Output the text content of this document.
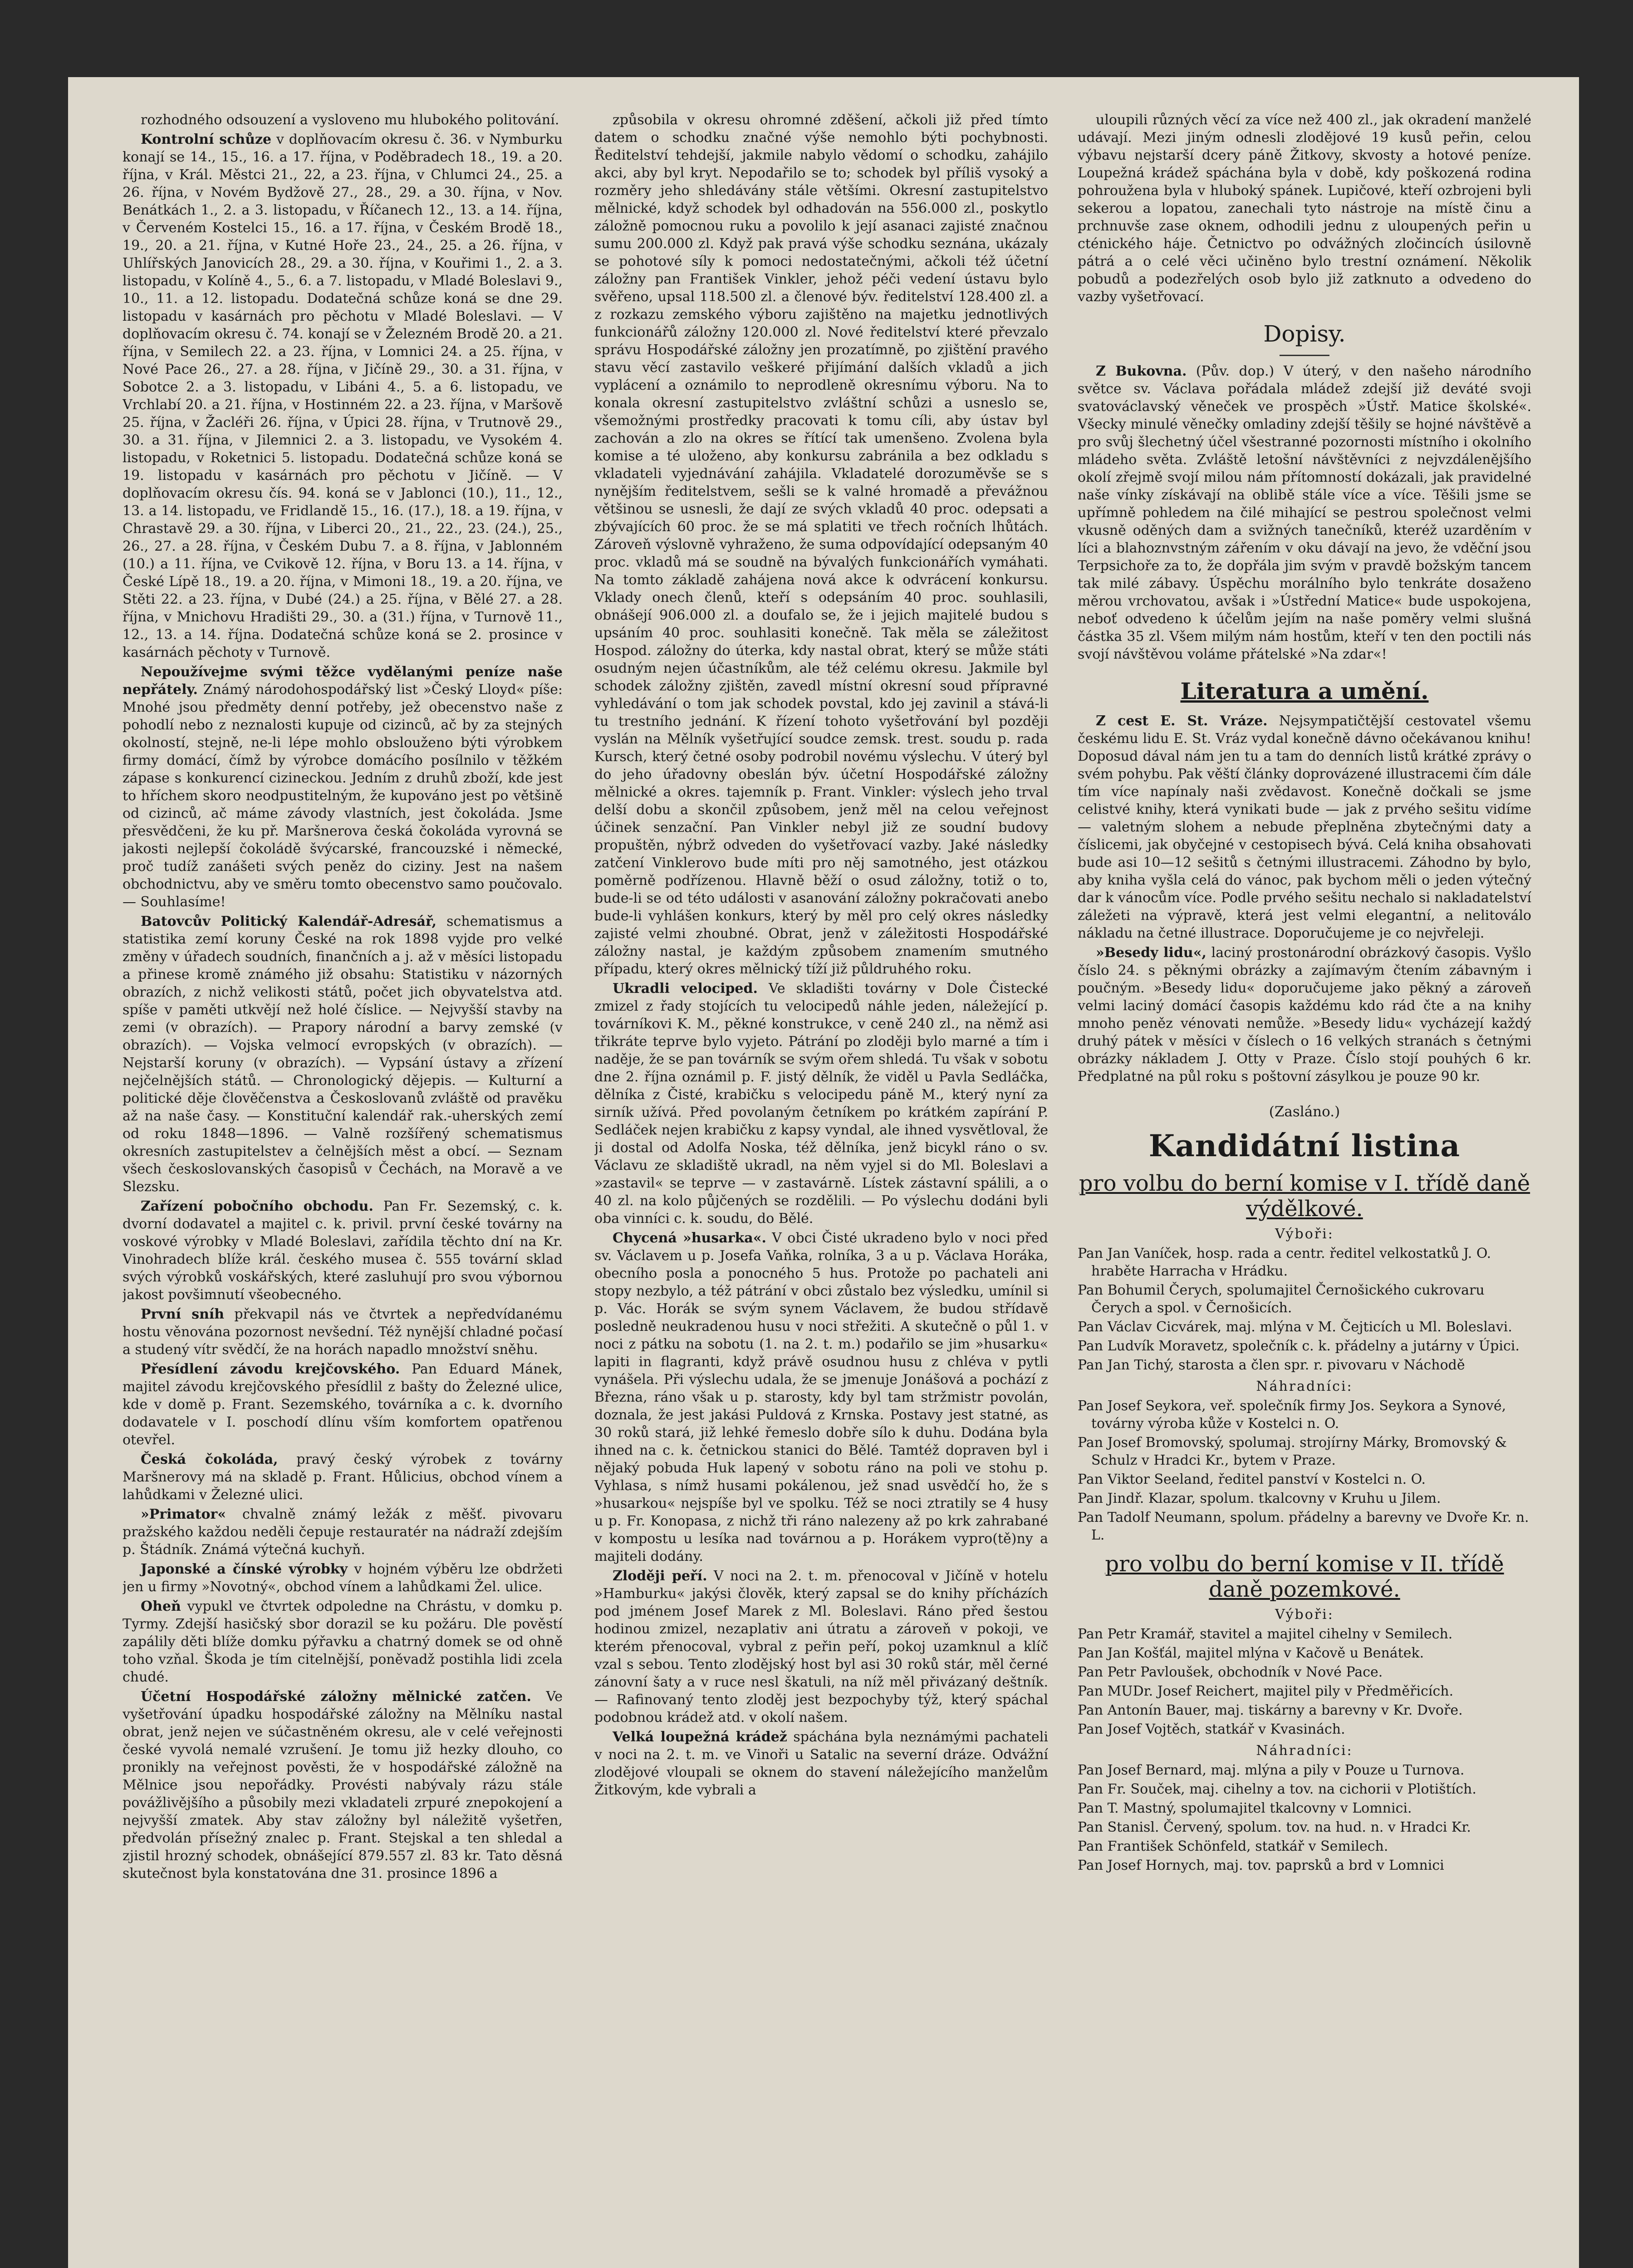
rozhodného odsouzení a vysloveno mu hlubokého politování.

Kontrolní schůze v doplňovacím okresu č. 36. v Nymburku konají se 14., 15., 16. a 17. října, v Poděbradech 18., 19. a 20. října, v Král. Městci 21., 22, a 23. října, v Chlumci 24., 25. a 26. října, v Novém Bydžově 27., 28., 29. a 30. října, v Nov. Benátkách 1., 2. a 3. listopadu, v Říčanech 12., 13. a 14. října, v Červeném Kostelci 15., 16. a 17. října, v Českém Brodě 18., 19., 20. a 21. října, v Kutné Hoře 23., 24., 25. a 26. října, v Uhlířských Janovicích 28., 29. a 30. října, v Kouřimi 1., 2. a 3. listopadu, v Kolíně 4., 5., 6. a 7. listopadu, v Mladé Boleslavi 9., 10., 11. a 12. listopadu. Dodatečná schůze koná se dne 29. listopadu v kasárnách pro pěchotu v Mladé Boleslavi. — V doplňovacím okresu č. 74. konají se v Železném Brodě 20. a 21. října, v Semilech 22. a 23. října, v Lomnici 24. a 25. října, v Nové Pace 26., 27. a 28. října, v Jičíně 29., 30. a 31. října, v Sobotce 2. a 3. listopadu, v Libáni 4., 5. a 6. listopadu, ve Vrchlabí 20. a 21. října, v Hostinném 22. a 23. října, v Maršově 25. října, v Žacléři 26. října, v Úpici 28. října, v Trutnově 29., 30. a 31. října, v Jilemnici 2. a 3. listopadu, ve Vysokém 4. listopadu, v Roketnici 5. listopadu. Dodatečná schůze koná se 19. listopadu v kasárnách pro pěchotu v Jičíně. — V doplňovacím okresu čís. 94. koná se v Jablonci (10.), 11., 12., 13. a 14. listopadu, ve Fridlandě 15., 16. (17.), 18. a 19. října, v Chrastavě 29. a 30. října, v Liberci 20., 21., 22., 23. (24.), 25., 26., 27. a 28. října, v Českém Dubu 7. a 8. října, v Jablonném (10.) a 11. října, ve Cvikově 12. října, v Boru 13. a 14. října, v České Lípě 18., 19. a 20. října, v Mimoni 18., 19. a 20. října, ve Stěti 22. a 23. října, v Dubé (24.) a 25. října, v Bělé 27. a 28. října, v Mnichovu Hradišti 29., 30. a (31.) října, v Turnově 11., 12., 13. a 14. října. Dodatečná schůze koná se 2. prosince v kasárnách pěchoty v Turnově.

Nepoužívejme svými těžce vydělanými peníze naše nepřátely. Známý národohospodářský list »Český Lloyd« píše: Mnohé jsou předměty denní potřeby, jež obecenstvo naše z pohodlí nebo z neznalosti kupuje od cizinců, ač by za stejných okolností, stejně, ne-li lépe mohlo obslouženo býti výrobkem firmy domácí, čímž by výrobce domácího posílnilo v těžkém zápase s konkurencí cizineckou. Jedním z druhů zboží, kde jest to hříchem skoro neodpustitelným, že kupováno jest po většině od cizinců, ač máme závody vlastních, jest čokoláda. Jsme přesvědčeni, že ku př. Maršnerova česká čokoláda vyrovná se jakosti nejlepší čokoládě švýcarské, francouzské i německé, proč tudíž zanášeti svých peněz do ciziny. Jest na našem obchodnictvu, aby ve směru tomto obecenstvo samo poučovalo. — Souhlasíme!

Batovcův Politický Kalendář-Adresář, schematismus a statistika zemí koruny České na rok 1898 vyjde pro velké změny v úřadech soudních, finančních a j. až v měsíci listopadu a přinese kromě známého již obsahu: Statistiku v názorných obrazích, z nichž velikosti států, počet jich obyvatelstva atd. spíše v paměti utkvějí než holé číslice. — Nejvyšší stavby na zemi (v obrazích). — Prapory národní a barvy zemské (v obrazích). — Vojska velmocí evropských (v obrazích). — Nejstarší koruny (v obrazích). — Vypsání ústavy a zřízení nejčelnějších států. — Chronologický dějepis. — Kulturní a politické děje člověčenstva a Českoslovanů zvláště od pravěku až na naše časy. — Konstituční kalendář rak.-uherských zemí od roku 1848—1896. — Valně rozšířený schematismus okresních zastupitelstev a čelnějších měst a obcí. — Seznam všech českoslovanských časopisů v Čechách, na Moravě a ve Slezsku.

Zařízení pobočního obchodu. Pan Fr. Sezemský, c. k. dvorní dodavatel a majitel c. k. privil. první české továrny na voskové výrobky v Mladé Boleslavi, zařídila těchto dní na Kr. Vinohradech blíže král. českého musea č. 555 tovární sklad svých výrobků voskářských, které zasluhují pro svou výbornou jakost povšimnutí všeobecného.

První sníh překvapil nás ve čtvrtek a nepředvídanému hostu věnována pozornost nevšední. Též nynější chladné počasí a studený vítr svědčí, že na horách napadlo množství sněhu.

Přesídlení závodu krejčovského. Pan Eduard Mánek, majitel závodu krejčovského přesídlil z bašty do Železné ulice, kde v domě p. Frant. Sezemského, továrníka a c. k. dvorního dodavatele v I. poschodí dlínu vším komfortem opatřenou otevřel.

Česká čokoláda, pravý český výrobek z továrny Maršnerovy má na skladě p. Frant. Hůlicius, obchod vínem a lahůdkami v Železné ulici.

»Primator« chvalně známý ležák z měšť. pivovaru pražského každou neděli čepuje restauratér na nádraží zdejším p. Štádník. Známá výtečná kuchyň.

Japonské a čínské výrobky v hojném výběru lze obdržeti jen u firmy »Novotný«, obchod vínem a lahůdkami Žel. ulice.

Oheň vypukl ve čtvrtek odpoledne na Chrástu, v domku p. Tyrmy. Zdejší hasičský sbor dorazil se ku požáru. Dle pověstí zapálily děti blíže domku pýřavku a chatrný domek se od ohně toho vzňal. Škoda je tím citelnější, poněvadž postihla lidi zcela chudé.

Účetní Hospodářské záložny mělnické zatčen. Ve vyšetřování úpadku hospodářské záložny na Mělníku nastal obrat, jenž nejen ve súčastněném okresu, ale v celé veřejnosti české vyvolá nemalé vzrušení. Je tomu již hezky dlouho, co pronikly na veřejnost pověsti, že v hospodářské záložně na Mělnice jsou nepořádky. Provésti nabývaly rázu stále povážlivějšího a působily mezi vkladateli zrpuré znepokojení a nejvyšší zmatek. Aby stav záložny byl náležitě vyšetřen, předvolán přísežný znalec p. Frant. Stejskal a ten shledal a zjistil hrozný schodek, obnášející 879.557 zl. 83 kr. Tato děsná skutečnost byla konstatována dne 31. prosince 1896 a

způsobila v okresu ohromné zděšení, ačkoli již před tímto datem o schodku značné výše nemohlo býti pochybnosti. Ředitelství tehdejší, jakmile nabylo vědomí o schodku, zahájilo akci, aby byl kryt. Nepodařilo se to; schodek byl příliš vysoký a rozměry jeho shledávány stále většími. Okresní zastupitelstvo mělnické, když schodek byl odhadován na 556.000 zl., poskytlo záložně pomocnou ruku a povolilo k její asanaci zajisté značnou sumu 200.000 zl. Když pak pravá výše schodku seznána, ukázaly se pohotové síly k pomoci nedostatečnými, ačkoli též účetní záložny pan František Vinkler, jehož péči vedení ústavu bylo svěřeno, upsal 118.500 zl. a členové býv. ředitelství 128.400 zl. a z rozkazu zemského výboru zajištěno na majetku jednotlivých funkcionářů záložny 120.000 zl. Nové ředitelství které převzalo správu Hospodářské záložny jen prozatímně, po zjištění pravého stavu věcí zastavilo veškeré přijímání dalších vkladů a jich vyplácení a oznámilo to neprodleně okresnímu výboru. Na to konala okresní zastupitelstvo zvláštní schůzi a usneslo se, všemožnými prostředky pracovati k tomu cíli, aby ústav byl zachován a zlo na okres se řítící tak umenšeno. Zvolena byla komise a té uloženo, aby konkursu zabránila a bez odkladu s vkladateli vyjednávání zahájila. Vkladatelé dorozuměvše se s nynějším ředitelstvem, sešli se k valné hromadě a převážnou většinou se usnesli, že dají ze svých vkladů 40 proc. odepsati a zbývajících 60 proc. že se má splatiti ve třech ročních lhůtách. Zároveň výslovně vyhraženo, že suma odpovídající odepsaným 40 proc. vkladů má se soudně na bývalých funkcionářích vymáhati. Na tomto základě zahájena nová akce k odvrácení konkursu. Vklady onech členů, kteří s odepsáním 40 proc. souhlasili, obnášejí 906.000 zl. a doufalo se, že i jejich majitelé budou s upsáním 40 proc. souhlasiti konečně. Tak měla se záležitost Hospod. záložny do úterka, kdy nastal obrat, který se může státi osudným nejen účastníkům, ale též celému okresu. Jakmile byl schodek záložny zjištěn, zavedl místní okresní soud přípravné vyhledávání o tom jak schodek povstal, kdo jej zavinil a stává-li tu trestního jednání. K řízení tohoto vyšetřování byl později vyslán na Mělník vyšetřující soudce zemsk. trest. soudu p. rada Kursch, který četné osoby podrobil novému výslechu. V úterý byl do jeho úřadovny obeslán býv. účetní Hospodářské záložny mělnické a okres. tajemník p. Frant. Vinkler: výslech jeho trval delší dobu a skončil způsobem, jenž měl na celou veřejnost účinek senzační. Pan Vinkler nebyl již ze soudní budovy propuštěn, nýbrž odveden do vyšetřovací vazby. Jaké následky zatčení Vinklerovo bude míti pro něj samotného, jest otázkou poměrně podřízenou. Hlavně běží o osud záložny, totiž o to, bude-li se od této události v asanování záložny pokračovati anebo bude-li vyhlášen konkurs, který by měl pro celý okres následky zajisté velmi zhoubné. Obrat, jenž v záležitosti Hospodářské záložny nastal, je každým způsobem znamením smutného případu, který okres mělnický tíží již půldruhého roku.

Ukradli velociped. Ve skladišti továrny v Dole Čistecké zmizel z řady stojících tu velocipedů náhle jeden, náležející p. továrníkovi K. M., pěkné konstrukce, v ceně 240 zl., na němž asi třikráte teprve bylo vyjeto. Pátrání po zloději bylo marné a tím i naděje, že se pan továrník se svým ořem shledá. Tu však v sobotu dne 2. října oznámil p. F. jistý dělník, že viděl u Pavla Sedláčka, dělníka z Čisté, krabičku s velocipedu páně M., který nyní za sirník užívá. Před povolaným četníkem po krátkém zapírání P. Sedláček nejen krabičku z kapsy vyndal, ale ihned vysvětloval, že ji dostal od Adolfa Noska, též dělníka, jenž bicykl ráno o sv. Václavu ze skladiště ukradl, na něm vyjel si do Ml. Boleslavi a »zastavil« se teprve — v zastavárně. Lístek zástavní spálili, a o 40 zl. na kolo půjčených se rozdělili. — Po výslechu dodáni byli oba vinníci c. k. soudu, do Bělé.

Chycená »husarka«. V obci Čisté ukradeno bylo v noci před sv. Václavem u p. Josefa Vaňka, rolníka, 3 a u p. Václava Horáka, obecního posla a ponocného 5 hus. Protože po pachateli ani stopy nezbylo, a též pátrání v obci zůstalo bez výsledku, umínil si p. Vác. Horák se svým synem Václavem, že budou střídavě posledně neukradenou husu v noci střežiti. A skutečně o půl 1. v noci z pátku na sobotu (1. na 2. t. m.) podařilo se jim »husarku« lapiti in flagranti, když právě osudnou husu z chléva v pytli vynášela. Při výslechu udala, že se jmenuje Jonášová a pochází z Března, ráno však u p. starosty, kdy byl tam stržmistr povolán, doznala, že jest jakási Puldová z Krnska. Postavy jest statné, as 30 roků stará, již lehké řemeslo dobře sílo k duhu. Dodána byla ihned na c. k. četnickou stanici do Bělé. Tamtéž dopraven byl i nějaký pobuda Huk lapený v sobotu ráno na poli ve stohu p. Vyhlasa, s nímž husami pokálenou, jež snad usvědčí ho, že s »husarkou« nejspíše byl ve spolku. Též se noci ztratily se 4 husy u p. Fr. Konopasa, z nichž tři ráno nalezeny až po krk zahrabané v kompostu u lesíka nad továrnou a p. Horákem vypro(tě)ny a majiteli dodány.

Zloději peří. V noci na 2. t. m. přenocoval v Jičíně v hotelu »Hamburku« jakýsi člověk, který zapsal se do knihy přícházích pod jménem Josef Marek z Ml. Boleslavi. Ráno před šestou hodinou zmizel, nezaplativ ani útratu a zároveň v pokoji, ve kterém přenocoval, vybral z peřin peří, pokoj uzamknul a klíč vzal s sebou. Tento zlodějský host byl asi 30 roků stár, měl černé zánovní šaty a v ruce nesl škatuli, na níž měl přivázaný deštník. — Rafinovaný tento zloděj jest bezpochyby týž, který spáchal podobnou krádež atd. v okolí našem.

Velká loupežná krádež spáchána byla neznámými pachateli v noci na 2. t. m. ve Vinoři u Satalic na severní dráze. Odvážní zlodějové vloupali se oknem do stavení náležejícího manželům Žitkovým, kde vybrali a

uloupili různých věcí za více než 400 zl., jak okradení manželé udávají. Mezi jiným odnesli zlodějové 19 kusů peřin, celou výbavu nejstarší dcery páně Žitkovy, skvosty a hotové peníze. Loupežná krádež spáchána byla v době, kdy poškozená rodina pohroužena byla v hluboký spánek. Lupičové, kteří ozbrojeni byli sekerou a lopatou, zanechali tyto nástroje na místě činu a prchnuvše zase oknem, odhodili jednu z uloupených peřin u cténického háje. Četnictvo po odvážných zločincích úsilovně pátrá a o celé věci učiněno bylo trestní oznámení. Několik pobudů a podezřelých osob bylo již zatknuto a odvedeno do vazby vyšetřovací.

Dopisy.

Z Bukovna. (Pův. dop.) V úterý, v den našeho národního světce sv. Václava pořádala mládež zdejší již deváté svoji svatováclavský věneček ve prospěch »Ústř. Matice školské«. Všecky minulé věnečky omladiny zdejší těšily se hojné návštěvě a pro svůj šlechetný účel všestranné pozornosti místního i okolního mládeho světa. Zvláště letošní návštěvníci z nejvzdálenějšího okolí zřejmě svojí milou nám přítomností dokázali, jak pravidelné naše vínky získávají na oblibě stále více a více. Těšili jsme se upřímně pohledem na čilé mihající se pestrou společnost velmi vkusně oděných dam a svižných tanečníků, kteréž uzarděním v líci a blahoznvstným zářením v oku dávají na jevo, že vděční jsou Terpsichoře za to, že dopřála jim svým v pravdě božským tancem tak milé zábavy. Úspěchu morálního bylo tenkráte dosaženo měrou vrchovatou, avšak i »Ústřední Matice« bude uspokojena, neboť odvedeno k účelům jejím na naše poměry velmi slušná částka 35 zl. Všem milým nám hostům, kteří v ten den poctili nás svojí návštěvou voláme přátelské »Na zdar«!

Literatura a umění.

Z cest E. St. Vráze. Nejsympatičtější cestovatel všemu českému lidu E. St. Vráz vydal konečně dávno očekávanou knihu! Doposud dával nám jen tu a tam do denních listů krátké zprávy o svém pohybu. Pak věští články doprovázené illustracemi čím dále tím více napínaly naši zvědavost. Konečně dočkali se jsme celistvé knihy, která vynikati bude — jak z prvého sešitu vidíme — valetným slohem a nebude přeplněna zbytečnými daty a číslicemi, jak obyčejné v cestopisech bývá. Celá kniha obsahovati bude asi 10—12 sešitů s četnými illustracemi. Záhodno by bylo, aby kniha vyšla celá do vánoc, pak bychom měli o jeden výtečný dar k vánocům více. Podle prvého sešitu nechalo si nakladatelství záležeti na výpravě, která jest velmi elegantní, a nelitoválo nákladu na četné illustrace. Doporučujeme je co nejvřeleji.

»Besedy lidu«, laciný prostonárodní obrázkový časopis. Vyšlo číslo 24. s pěknými obrázky a zajímavým čtením zábavným i poučným. »Besedy lidu« doporučujeme jako pěkný a zároveň velmi laciný domácí časopis každému kdo rád čte a na knihy mnoho peněz vénovati nemůže. »Besedy lidu« vycházejí každý druhý pátek v měsíci v číslech o 16 velkých stranách s četnými obrázky nákladem J. Otty v Praze. Číslo stojí pouhých 6 kr. Předplatné na půl roku s poštovní zásylkou je pouze 90 kr.

(Zasláno.)
Kandidátní listina
pro volbu do berní komise v I. třídě daně výdělkové.
Výboři:
Pan Jan Vaníček, hosp. rada a centr. ředitel velkostatků J. O. hraběte Harracha v Hrádku.
Pan Bohumil Čerych, spolumajitel Černošického cukrovaru Čerych a spol. v Černošicích.
Pan Václav Cicvárek, maj. mlýna v M. Čejticích u Ml. Boleslavi.
Pan Ludvík Moravetz, společník c. k. přádelny a jutárny v Úpici.
Pan Jan Tichý, starosta a člen spr. r. pivovaru v Náchodě
Náhradníci:
Pan Josef Seykora, veř. společník firmy Jos. Seykora a Synové, továrny výroba kůže v Kostelci n. O.
Pan Josef Bromovský, spolumaj. strojírny Márky, Bromovský & Schulz v Hradci Kr., bytem v Praze.
Pan Viktor Seeland, ředitel panství v Kostelci n. O.
Pan Jindř. Klazar, spolum. tkalcovny v Kruhu u Jilem.
Pan Tadolf Neumann, spolum. přádelny a barevny ve Dvoře Kr. n. L.
pro volbu do berní komise v II. třídě daně pozemkové.
Výboři:
Pan Petr Kramář, stavitel a majitel cihelny v Semilech.
Pan Jan Košťál, majitel mlýna v Kačově u Benátek.
Pan Petr Pavloušek, obchodník v Nové Pace.
Pan MUDr. Josef Reichert, majitel pily v Předměřicích.
Pan Antonín Bauer, maj. tiskárny a barevny v Kr. Dvoře.
Pan Josef Vojtěch, statkář v Kvasinách.
Náhradníci:
Pan Josef Bernard, maj. mlýna a pily v Pouze u Turnova.
Pan Fr. Souček, maj. cihelny a tov. na cichorii v Plotištích.
Pan T. Mastný, spolumajitel tkalcovny v Lomnici.
Pan Stanisl. Červený, spolum. tov. na hud. n. v Hradci Kr.
Pan František Schönfeld, statkář v Semilech.
Pan Josef Hornych, maj. tov. paprsků a brd v Lomnici
